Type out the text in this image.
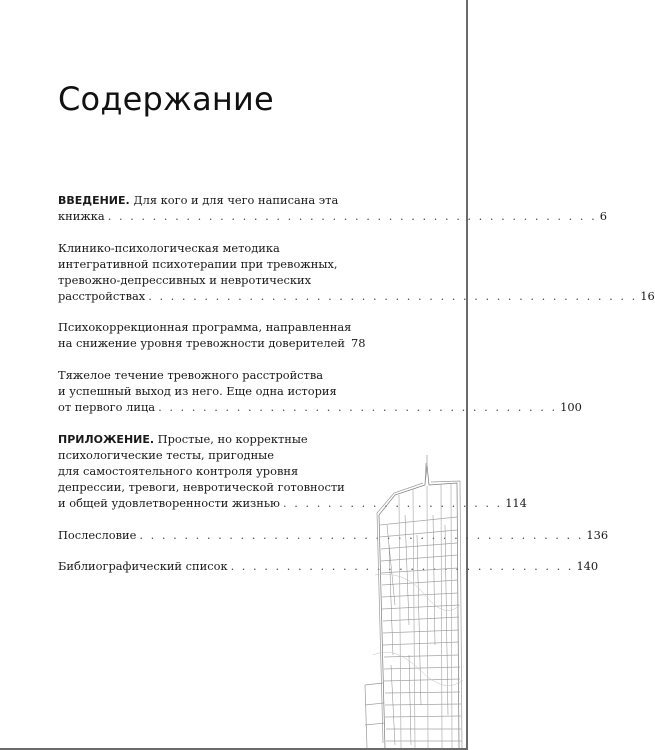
Содержание
ВВЕДЕНИЕ. Для кого и для чего написана эта
книжка . . . . . . . . . . . . . . . . . . . . . . . . . . . . . . . . . . . . . . . . . . . . 6
Клинико-психологическая методика
интегративной психотерапии при тревожных,
тревожно-депрессивных и невротических
расстройствах . . . . . . . . . . . . . . . . . . . . . . . . . . . . . . . . . . . . . . . . . . . . 16
Психокоррекционная программа, направленная
на снижение уровня тревожности доверителей 78
Тяжелое течение тревожного расстройства
и успешный выход из него. Еще одна история
от первого лица . . . . . . . . . . . . . . . . . . . . . . . . . . . . . . . . . . . . 100
ПРИЛОЖЕНИЕ. Простые, но корректные
психологические тесты, пригодные
для самостоятельного контроля уровня
депрессии, тревоги, невротической готовности
и общей удовлетворенности жизнью . . . . . . . . . . . . . . . . . . . . 114
Послесловие . . . . . . . . . . . . . . . . . . . . . . . . . . . . . . . . . . . . . . . . 136
Библиографический список . . . . . . . . . . . . . . . . . . . . . . . . . . . . . . . 140
